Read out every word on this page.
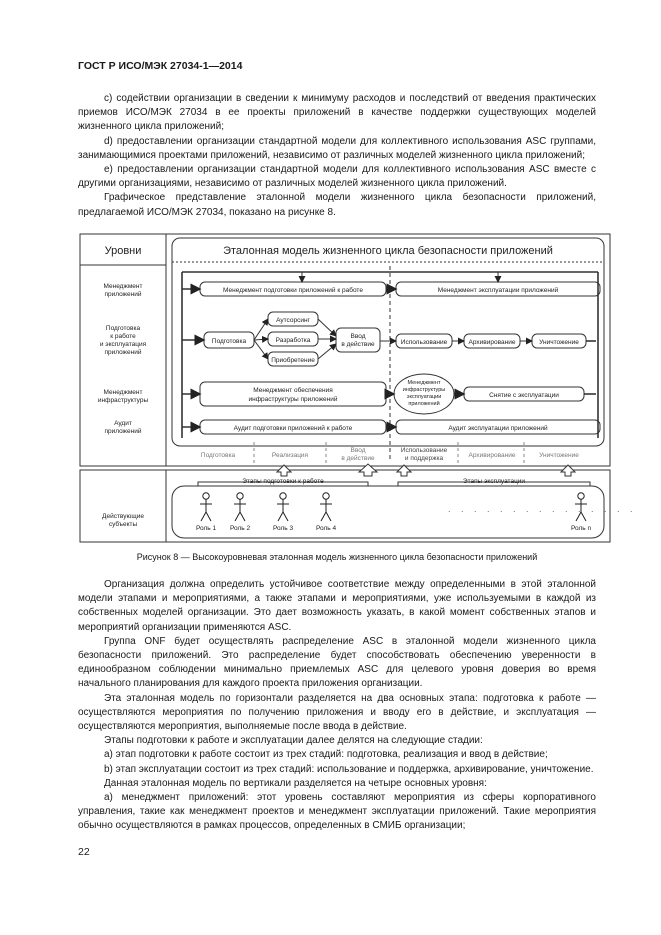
ГОСТ Р ИСО/МЭК 27034-1—2014

c) содействии организации в сведении к минимуму расходов и последствий от введения практических приемов ИСО/МЭК 27034 в ее проекты приложений в качестве поддержки существующих моделей жизненного цикла приложений;

d) предоставлении организации стандартной модели для коллективного использования ASC группами, занимающимися проектами приложений, независимо от различных моделей жизненного цикла приложений;

e) предоставлении организации стандартной модели для коллективного использования ASC вместе с другими организациями, независимо от различных моделей жизненного цикла приложений.

Графическое представление эталонной модели жизненного цикла безопасности приложений, предлагаемой ИСО/МЭК 27034, показано на рисунке 8.

Уровни	Эталонная модель жизненного цикла безопасности приложений
Менеджмент
приложений
Подготовка
к работе
и эксплуатация
приложений
Менеджмент
инфраструктуры
Аудит
приложений
Менеджмент подготовки приложений к работе	Менеджмент эксплуатации приложений
Подготовка
Аутсорсинг
Разработка
Приобретение
Ввод
в действие	Использование	Архивирование	Уничтожение
Менеджмент обеспечения
инфраструктуры приложений
Менеджмент
инфраструктуры
эксплуатации
приложений
Снятие с эксплуатации
Аудит подготовки приложений к работе	Аудит эксплуатации приложений
Подготовка	Реализация
Ввод
в действие
Использование
и поддержка	Архивирование	Уничтожение
Этапы подготовки к работе	Этапы эксплуатации
Действующие
субъекты
Роль 1 Роль 2	Роль 3	Роль 4	Роль n
. . . . . . . . . . . . . . .
Рисунок 8 — Высокоуровневая эталонная модель жизненного цикла безопасности приложений

Организация должна определить устойчивое соответствие между определенными в этой эталонной модели этапами и мероприятиями, а также этапами и мероприятиями, уже используемыми в каждой из собственных моделей организации. Это дает возможность указать, в какой момент собственных этапов и мероприятий организации применяются ASC.

Группа ONF будет осуществлять распределение ASC в эталонной модели жизненного цикла безопасности приложений. Это распределение будет способствовать обеспечению уверенности в единообразном соблюдении минимально приемлемых ASC для целевого уровня доверия во время начального планирования для каждого проекта приложения организации.

Эта эталонная модель по горизонтали разделяется на два основных этапа: подготовка к работе — осуществляются мероприятия по получению приложения и вводу его в действие, и эксплуатация — осуществляются мероприятия, выполняемые после ввода в действие.

Этапы подготовки к работе и эксплуатации далее делятся на следующие стадии:

a) этап подготовки к работе состоит из трех стадий: подготовка, реализация и ввод в действие;

b) этап эксплуатации состоит из трех стадий: использование и поддержка, архивирование, уничтожение.

Данная эталонная модель по вертикали разделяется на четыре основных уровня:

a) менеджмент приложений: этот уровень составляют мероприятия из сферы корпоративного управления, такие как менеджмент проектов и менеджмент эксплуатации приложений. Такие мероприятия обычно осуществляются в рамках процессов, определенных в СМИБ организации;

22
